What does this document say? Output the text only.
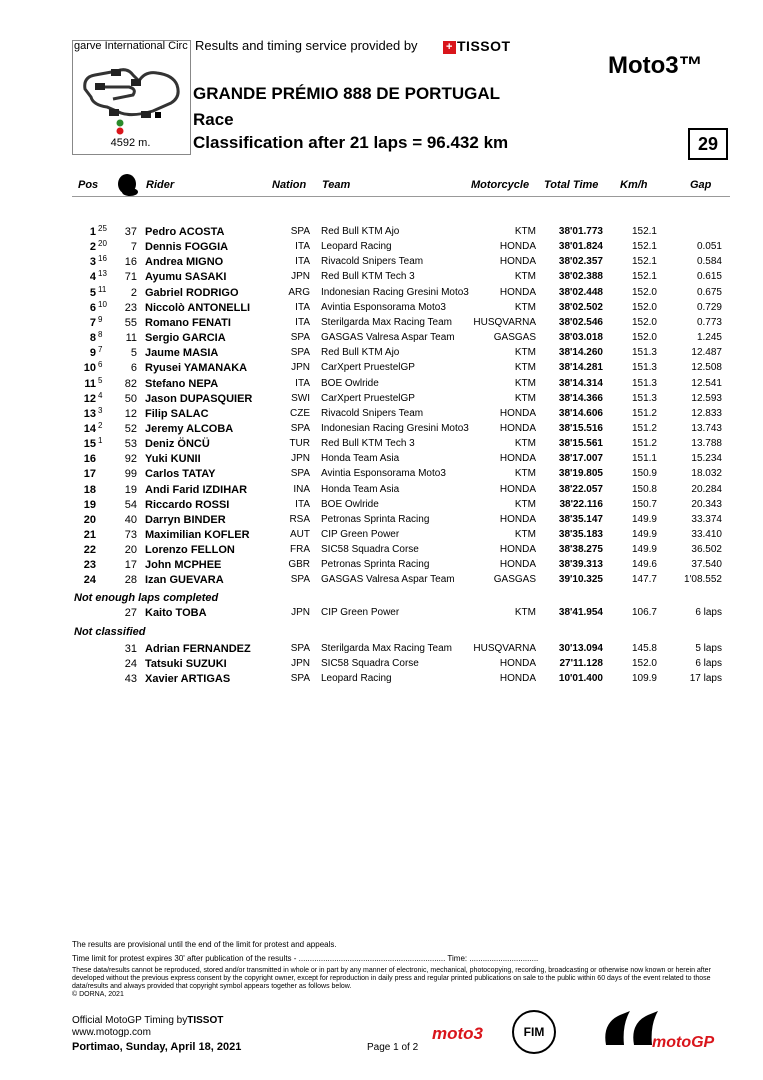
garve International Circ
4592 m.
Results and timing service provided by	+ TISSOT
Moto3™
GRANDE PRÉMIO 888 DE PORTUGAL
Race
Classification after 21 laps = 96.432 km	29
Pos	Rider	Nation Team	Motorcycle Total Time Km/h	Gap
1 25	37 Pedro ACOSTA	SPA Red Bull KTM Ajo	KTM	38'01.773	152.1
2 20	7 Dennis FOGGIA	ITA Leopard Racing	HONDA	38'01.824	152.1	0.051
3 16	16 Andrea MIGNO	ITA Rivacold Snipers Team	HONDA	38'02.357	152.1	0.584
4 13	71 Ayumu SASAKI	JPN Red Bull KTM Tech 3	KTM	38'02.388	152.1	0.615
5 11	2 Gabriel RODRIGO	ARG Indonesian Racing Gresini Moto3	HONDA	38'02.448	152.0	0.675
6 10	23 Niccolò ANTONELLI	ITA Avintia Esponsorama Moto3	KTM	38'02.502	152.0	0.729
7 9	55 Romano FENATI	ITA Sterilgarda Max Racing Team	HUSQVARNA	38'02.546	152.0	0.773
8 8	11 Sergio GARCIA	SPA GASGAS Valresa Aspar Team	GASGAS	38'03.018	152.0	1.245
9 7	5 Jaume MASIA	SPA Red Bull KTM Ajo	KTM	38'14.260	151.3	12.487
10 6	6 Ryusei YAMANAKA	JPN CarXpert PruestelGP	KTM	38'14.281	151.3	12.508
11 5	82 Stefano NEPA	ITA BOE Owlride	KTM	38'14.314	151.3	12.541
12 4	50 Jason DUPASQUIER	SWI CarXpert PruestelGP	KTM	38'14.366	151.3	12.593
13 3	12 Filip SALAC	CZE Rivacold Snipers Team	HONDA	38'14.606	151.2	12.833
14 2	52 Jeremy ALCOBA	SPA Indonesian Racing Gresini Moto3	HONDA	38'15.516	151.2	13.743
15 1	53 Deniz ÖNCÜ	TUR Red Bull KTM Tech 3	KTM	38'15.561	151.2	13.788
16	92 Yuki KUNII	JPN Honda Team Asia	HONDA	38'17.007	151.1	15.234
17	99 Carlos TATAY	SPA Avintia Esponsorama Moto3	KTM	38'19.805	150.9	18.032
18	19 Andi Farid IZDIHAR	INA Honda Team Asia	HONDA	38'22.057	150.8	20.284
19	54 Riccardo ROSSI	ITA BOE Owlride	KTM	38'22.116	150.7	20.343
20	40 Darryn BINDER	RSA Petronas Sprinta Racing	HONDA	38'35.147	149.9	33.374
21	73 Maximilian KOFLER	AUT CIP Green Power	KTM	38'35.183	149.9	33.410
22	20 Lorenzo FELLON	FRA SIC58 Squadra Corse	HONDA	38'38.275	149.9	36.502
23	17 John MCPHEE	GBR Petronas Sprinta Racing	HONDA	38'39.313	149.6	37.540
24	28 Izan GUEVARA	SPA GASGAS Valresa Aspar Team	GASGAS	39'10.325	147.7	1'08.552
Not enough laps completed
27 Kaito TOBA	JPN CIP Green Power	KTM	38'41.954	106.7	6 laps
Not classified
31 Adrian FERNANDEZ	SPA Sterilgarda Max Racing Team	HUSQVARNA	30'13.094	145.8	5 laps
24 Tatsuki SUZUKI	JPN SIC58 Squadra Corse	HONDA	27'11.128	152.0	6 laps
43 Xavier ARTIGAS	SPA Leopard Racing	HONDA	10'01.400	109.9	17 laps
The results are provisional until the end of the limit for protest and appeals.
Time limit for protest expires 30' after publication of the results - .................................................................. Time: ...............................
These data/results cannot be reproduced, stored and/or transmitted in whole or in part by any manner of electronic, mechanical, photocopying, recording, broadcasting or otherwise now known or herein after developed without the previous express consent by the copyright owner, except for reproduction in daily press and regular printed publications on sale to the public within 60 days of the event related to those data/results and always provided that copyright symbol appears together as follows below.
© DORNA, 2021
Official MotoGP Timing byTISSOT
www.motogp.com
Portimao, Sunday, April 18, 2021	Page 1 of 2
moto3	FIM
motoGP
